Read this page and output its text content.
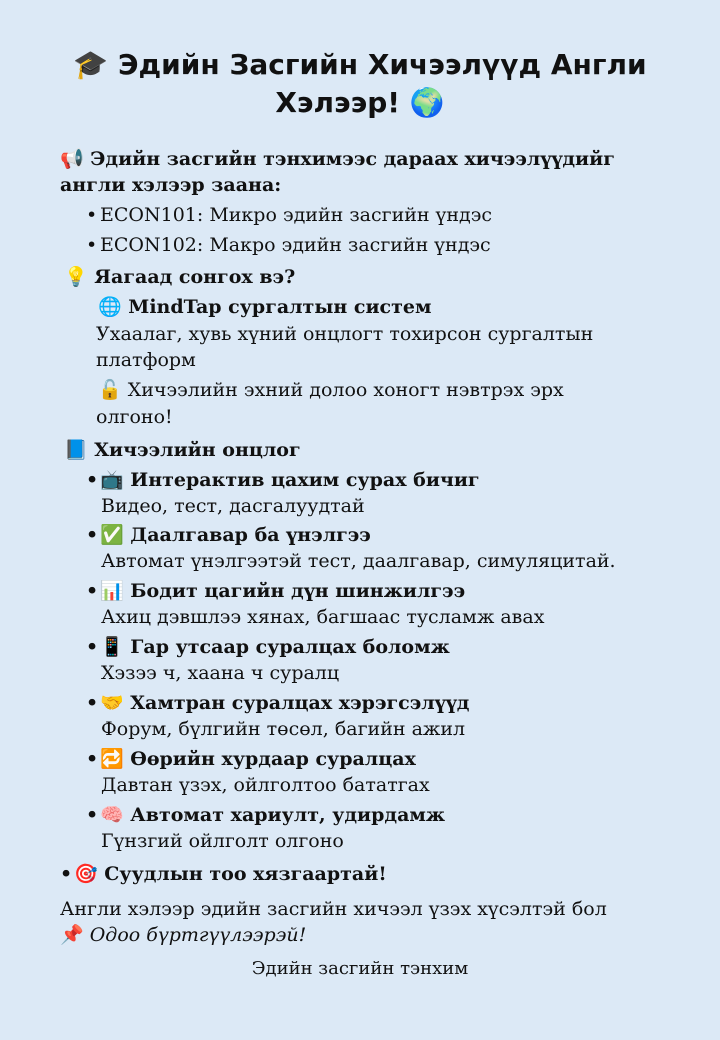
🎓 Эдийн Засгийн Хичээлүүд Англи
Хэлээр! 🌍
📢 Эдийн засгийн тэнхимээс дараах хичээлүүдийг
англи хэлээр заана:
• ECON101: Микро эдийн засгийн үндэс
• ECON102: Макро эдийн засгийн үндэс
💡 Яагаад сонгох вэ?
🌐 MindTap сургалтын систем
Ухаалаг, хувь хүний онцлогт тохирсон сургалтын
платформ
🔓 Хичээлийн эхний долоо хоногт нэвтрэх эрх
олгоно!
📘 Хичээлийн онцлог
•📺 Интерактив цахим сурах бичиг
Видео, тест, дасгалуудтай
•✅ Даалгавар ба үнэлгээ
Автомат үнэлгээтэй тест, даалгавар, симуляцитай.
•📊 Бодит цагийн дүн шинжилгээ
Ахиц дэвшлээ хянах, багшаас тусламж авах
•📱 Гар утсаар суралцах боломж
Хэзээ ч, хаана ч суралц
•🤝 Хамтран суралцах хэрэгсэлүүд
Форум, бүлгийн төсөл, багийн ажил
•🔁 Өөрийн хурдаар суралцах
Давтан үзэх, ойлголтоо бататгах
•🧠 Автомат хариулт, удирдамж
Гүнзгий ойлголт олгоно
•🎯 Суудлын тоо хязгаартай!
Англи хэлээр эдийн засгийн хичээл үзэх хүсэлтэй бол
📌 Одоо бүртгүүлээрэй!
Эдийн засгийн тэнхим
